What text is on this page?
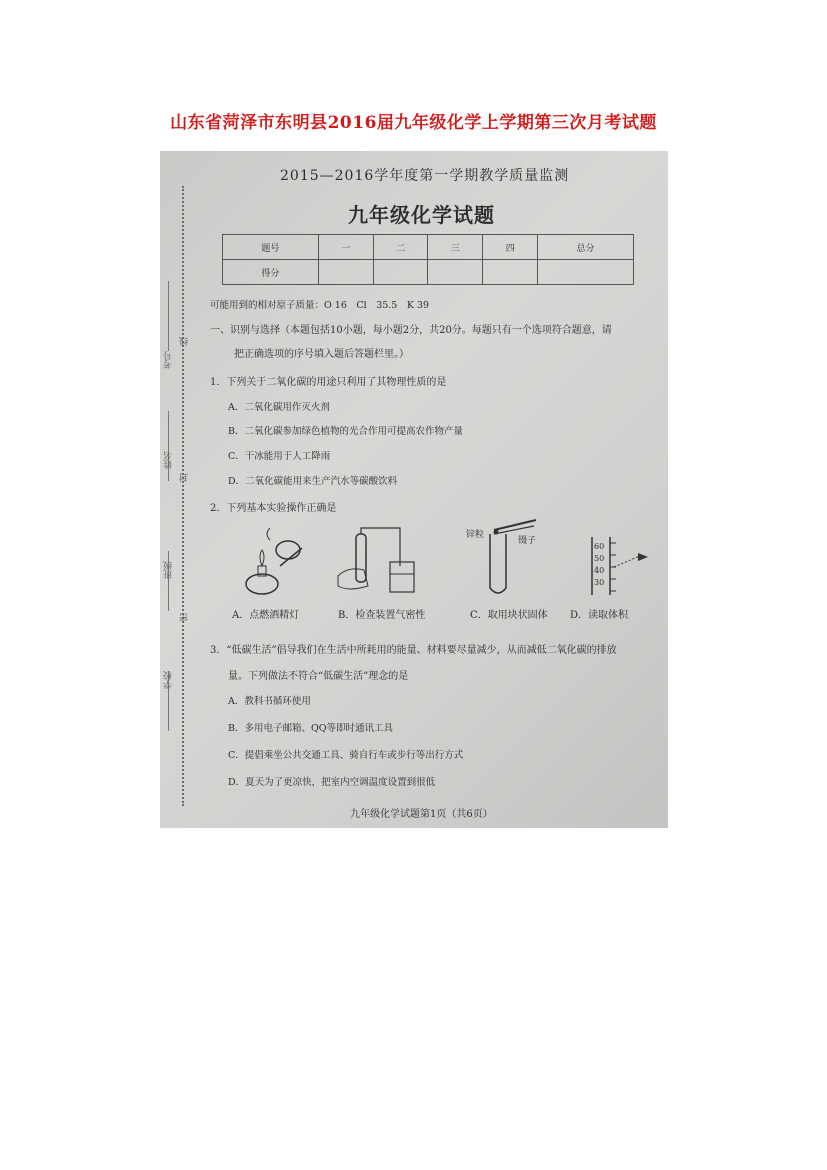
山东省菏泽市东明县2016届九年级化学上学期第三次月考试题
考号
线
姓名
封
班级
密
学校
2015—2016学年度第一学期教学质量监测
九年级化学试题
题号	一	二	三	四	总分
得分					
可能用到的相对原子质量：O 16　Cl　35.5　K 39
一、识别与选择（本题包括10小题，每小题2分，共20分。每题只有一个选项符合题意，请
把正确选项的序号填入题后答题栏里。）
1．下列关于二氧化碳的用途只利用了其物理性质的是
A．二氧化碳用作灭火剂
B．二氧化碳参加绿色植物的光合作用可提高农作物产量
C．干冰能用于人工降雨
D．二氧化碳能用来生产汽水等碳酸饮料
2．下列基本实验操作正确是
锌粒
镊子
60
50
40
30
A．点燃酒精灯	B．检查装置气密性	C．取用块状固体 D．读取体积
3．“低碳生活”倡导我们在生活中所耗用的能量、材料要尽量减少，从而减低二氧化碳的排放
量。下列做法不符合“低碳生活”理念的是
A．教科书循环使用
B．多用电子邮箱、QQ等即时通讯工具
C．提倡乘坐公共交通工具、骑自行车或步行等出行方式
D．夏天为了更凉快，把室内空调温度设置到很低
九年级化学试题第1页（共6页）
